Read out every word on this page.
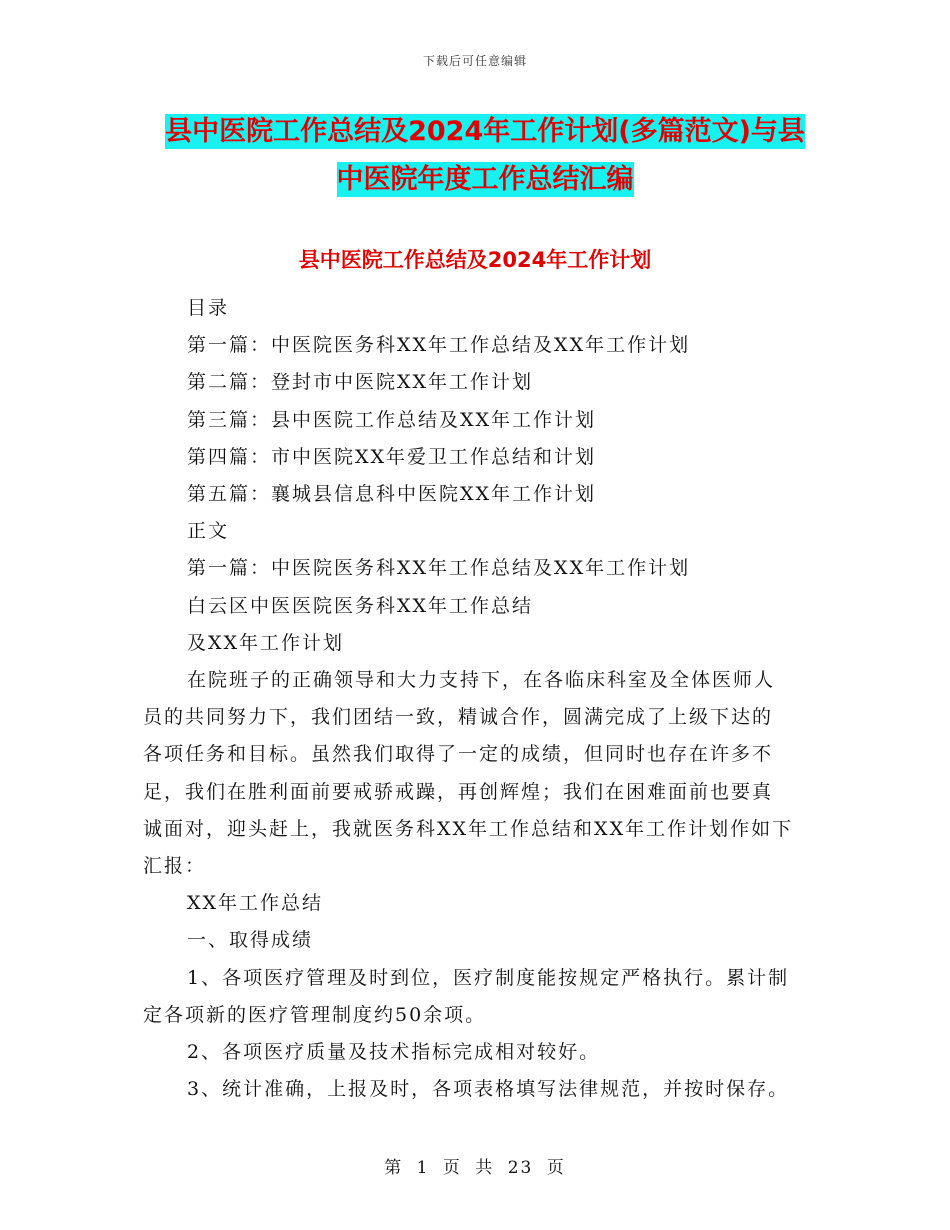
下载后可任意编辑
县中医院工作总结及2024年工作计划(多篇范文)与县
中医院年度工作总结汇编
县中医院工作总结及2024年工作计划
目录
第一篇：中医院医务科XX年工作总结及XX年工作计划
第二篇：登封市中医院XX年工作计划
第三篇：县中医院工作总结及XX年工作计划
第四篇：市中医院XX年爱卫工作总结和计划
第五篇：襄城县信息科中医院XX年工作计划
正文
第一篇：中医院医务科XX年工作总结及XX年工作计划
白云区中医医院医务科XX年工作总结
及XX年工作计划
在院班子的正确领导和大力支持下，在各临床科室及全体医师人
员的共同努力下，我们团结一致，精诚合作，圆满完成了上级下达的
各项任务和目标。虽然我们取得了一定的成绩，但同时也存在许多不
足，我们在胜利面前要戒骄戒躁，再创辉煌；我们在困难面前也要真
诚面对，迎头赶上，我就医务科XX年工作总结和XX年工作计划作如下
汇报：
XX年工作总结
一、取得成绩
1、各项医疗管理及时到位，医疗制度能按规定严格执行。累计制
定各项新的医疗管理制度约50余项。
2、各项医疗质量及技术指标完成相对较好。
3、统计准确，上报及时，各项表格填写法律规范，并按时保存。
第 1 页 共 23 页
